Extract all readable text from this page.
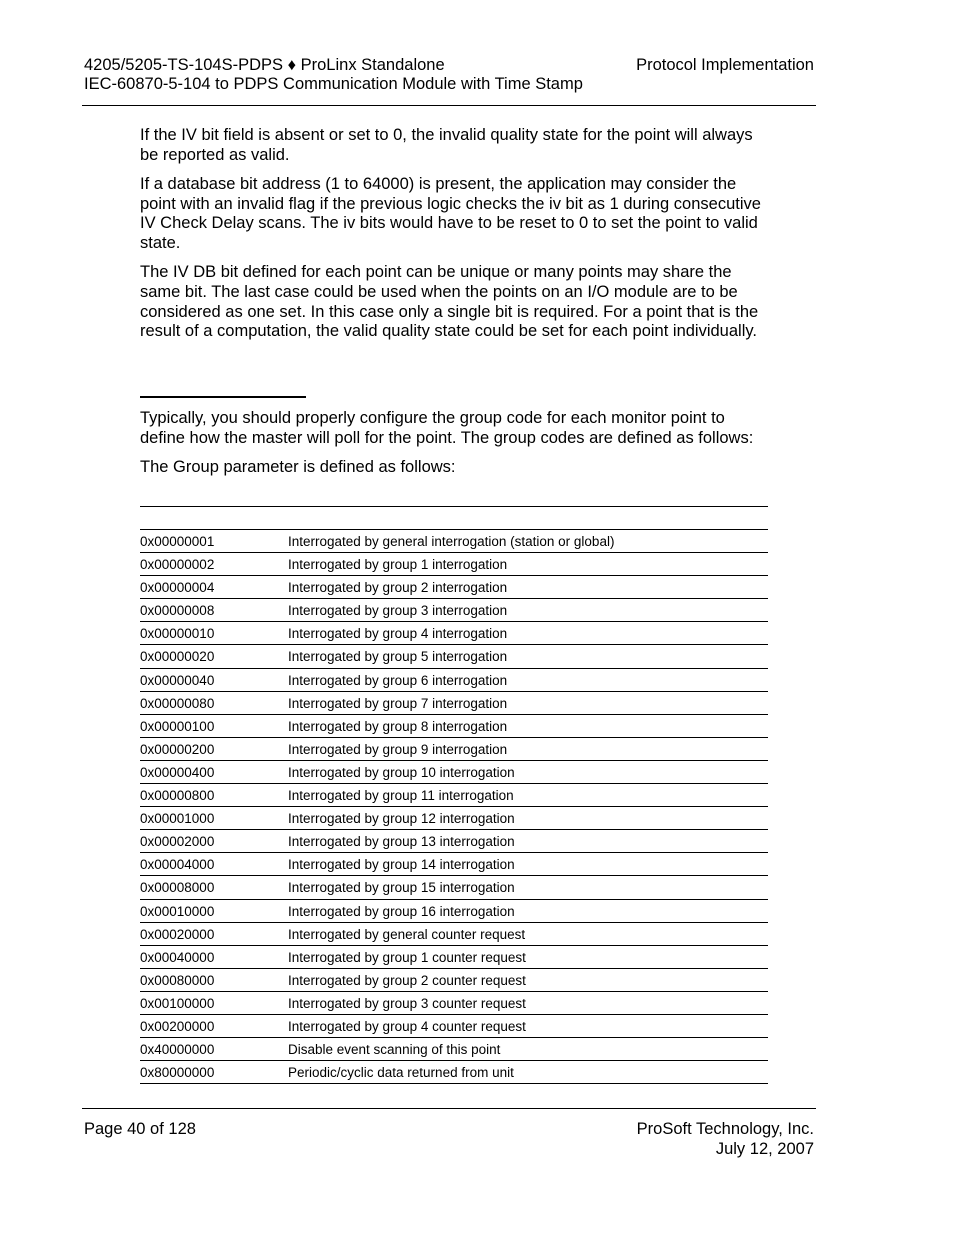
4205/5205-TS-104S-PDPS ♦ ProLinx Standalone
IEC-60870-5-104 to PDPS Communication Module with Time Stamp
Protocol Implementation

If the IV bit field is absent or set to 0, the invalid quality state for the point will always be reported as valid.

If a database bit address (1 to 64000) is present, the application may consider the point with an invalid flag if the previous logic checks the iv bit as 1 during consecutive IV Check Delay scans. The iv bits would have to be reset to 0 to set the point to valid state.

The IV DB bit defined for each point can be unique or many points may share the same bit. The last case could be used when the points on an I/O module are to be considered as one set. In this case only a single bit is required. For a point that is the result of a computation, the valid quality state could be set for each point individually.

Typically, you should properly configure the group code for each monitor point to define how the master will poll for the point. The group codes are defined as follows:

The Group parameter is defined as follows:

0x00000001	Interrogated by general interrogation (station or global)
0x00000002	Interrogated by group 1 interrogation
0x00000004	Interrogated by group 2 interrogation
0x00000008	Interrogated by group 3 interrogation
0x00000010	Interrogated by group 4 interrogation
0x00000020	Interrogated by group 5 interrogation
0x00000040	Interrogated by group 6 interrogation
0x00000080	Interrogated by group 7 interrogation
0x00000100	Interrogated by group 8 interrogation
0x00000200	Interrogated by group 9 interrogation
0x00000400	Interrogated by group 10 interrogation
0x00000800	Interrogated by group 11 interrogation
0x00001000	Interrogated by group 12 interrogation
0x00002000	Interrogated by group 13 interrogation
0x00004000	Interrogated by group 14 interrogation
0x00008000	Interrogated by group 15 interrogation
0x00010000	Interrogated by group 16 interrogation
0x00020000	Interrogated by general counter request
0x00040000	Interrogated by group 1 counter request
0x00080000	Interrogated by group 2 counter request
0x00100000	Interrogated by group 3 counter request
0x00200000	Interrogated by group 4 counter request
0x40000000	Disable event scanning of this point
0x80000000	Periodic/cyclic data returned from unit
Page 40 of 128	ProSoft Technology, Inc.
July 12, 2007
